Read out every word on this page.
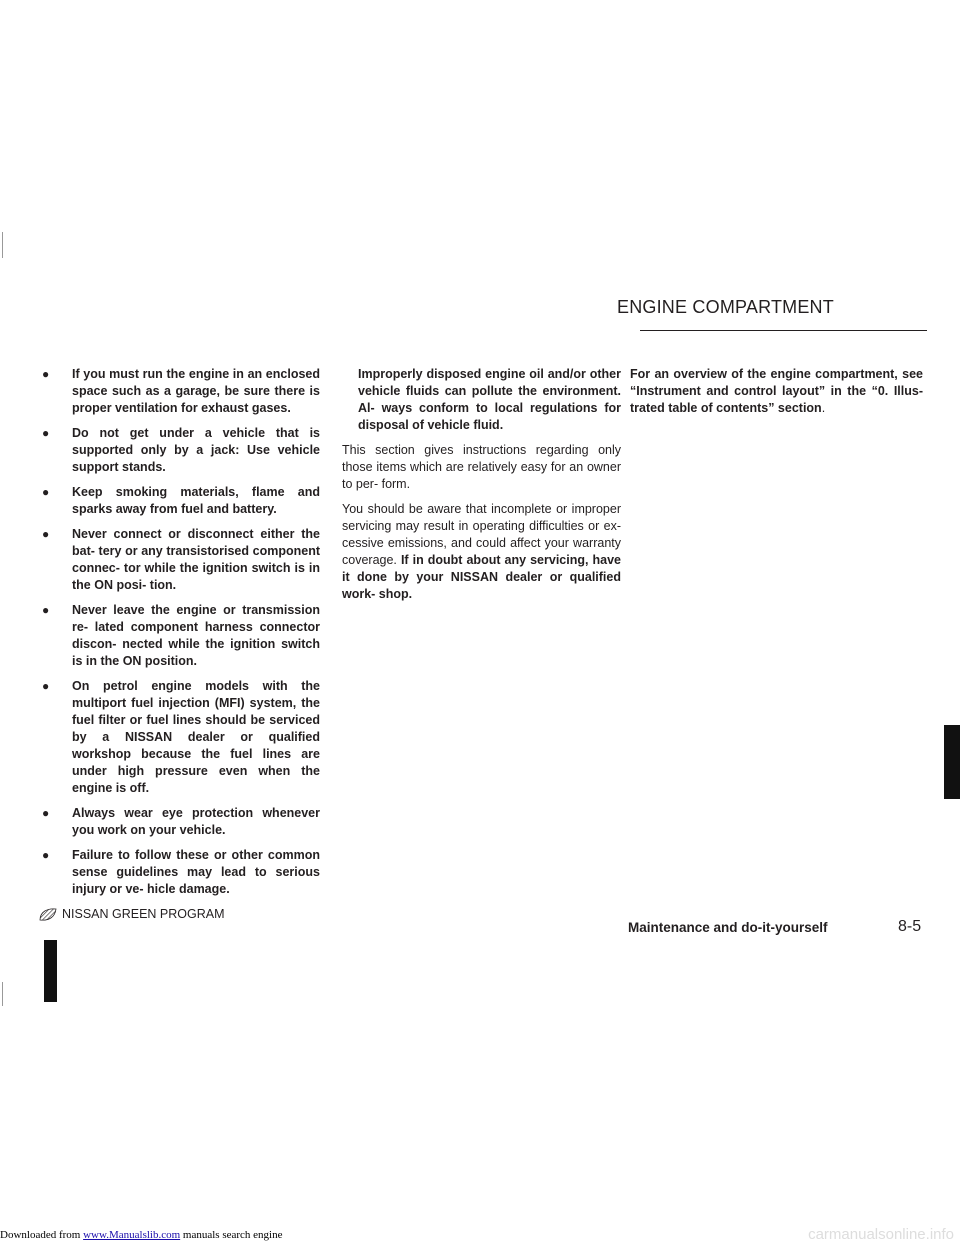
ENGINE COMPARTMENT
● If you must run the engine in an enclosed space such as a garage, be sure there is proper ventilation for exhaust gases.
● Do not get under a vehicle that is supported only by a jack: Use vehicle support stands.
● Keep smoking materials, flame and sparks away from fuel and battery.
● Never connect or disconnect either the bat- tery or any transistorised component connec- tor while the ignition switch is in the ON posi- tion.
● Never leave the engine or transmission re- lated component harness connector discon- nected while the ignition switch is in the ON position.
● On petrol engine models with the multiport fuel injection (MFI) system, the fuel filter or fuel lines should be serviced by a NISSAN dealer or qualified workshop because the fuel lines are under high pressure even when the engine is off.
● Always wear eye protection whenever you work on your vehicle.
● Failure to follow these or other common sense guidelines may lead to serious injury or ve- hicle damage.
NISSAN GREEN PROGRAM
Improperly disposed engine oil and/or other vehicle fluids can pollute the environment. Al- ways conform to local regulations for disposal of vehicle fluid.

This section gives instructions regarding only those items which are relatively easy for an owner to per- form.

You should be aware that incomplete or improper servicing may result in operating difficulties or ex- cessive emissions, and could affect your warranty coverage. If in doubt about any servicing, have it done by your NISSAN dealer or qualified work- shop.

For an overview of the engine compartment, see “Instrument and control layout” in the “0. Illus- trated table of contents” section.

Maintenance and do-it-yourself	8-5
Downloaded from www.Manualslib.com manuals search engine	carmanualsonline.info
